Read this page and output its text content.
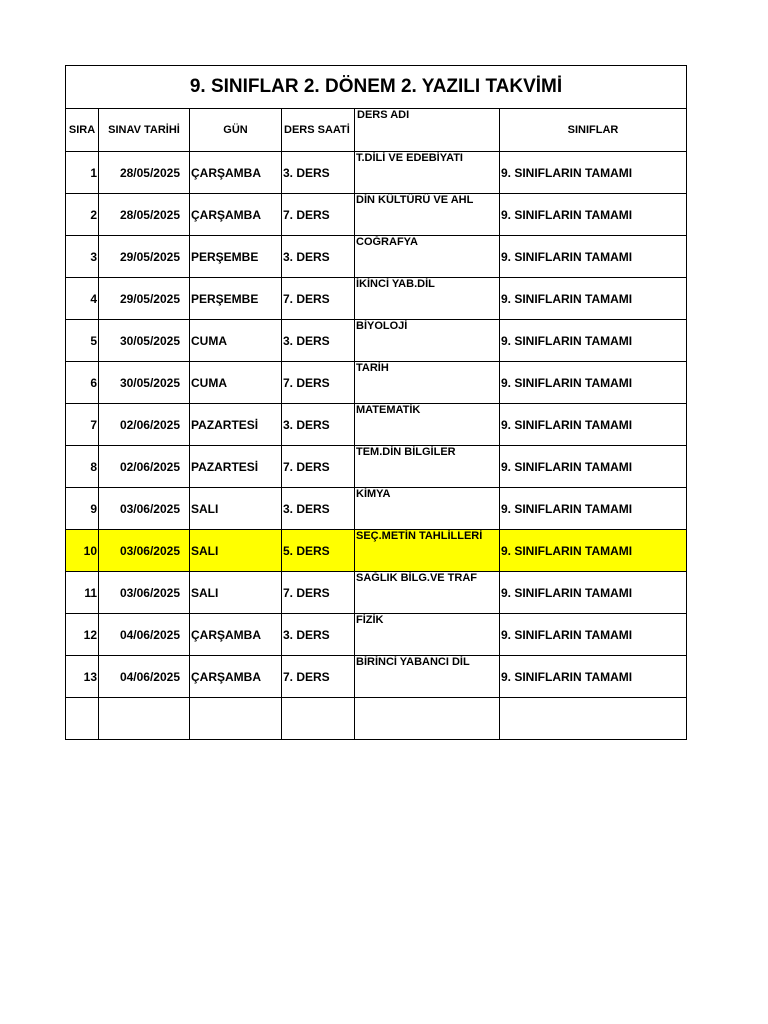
9. SINIFLAR 2. DÖNEM 2. YAZILI TAKVİMİ					
SIRA	SINAV TARİHİ	GÜN	DERS SAATİ	DERS ADI	SINIFLAR
1	28/05/2025	ÇARŞAMBA	3. DERS	T.DİLİ VE EDEBİYATI	9. SINIFLARIN TAMAMI
2	28/05/2025	ÇARŞAMBA	7. DERS	DİN KÜLTÜRÜ VE AHL	9. SINIFLARIN TAMAMI
3	29/05/2025	PERŞEMBE	3. DERS	COĞRAFYA	9. SINIFLARIN TAMAMI
4	29/05/2025	PERŞEMBE	7. DERS	İKİNCİ YAB.DİL	9. SINIFLARIN TAMAMI
5	30/05/2025	CUMA	3. DERS	BİYOLOJİ	9. SINIFLARIN TAMAMI
6	30/05/2025	CUMA	7. DERS	TARİH	9. SINIFLARIN TAMAMI
7	02/06/2025	PAZARTESİ	3. DERS	MATEMATİK	9. SINIFLARIN TAMAMI
8	02/06/2025	PAZARTESİ	7. DERS	TEM.DİN BİLGİLER	9. SINIFLARIN TAMAMI
9	03/06/2025	SALI	3. DERS	KİMYA	9. SINIFLARIN TAMAMI
10	03/06/2025	SALI	5. DERS	SEÇ.METİN TAHLİLLERİ	9. SINIFLARIN TAMAMI
11	03/06/2025	SALI	7. DERS	SAĞLIK BİLG.VE TRAF	9. SINIFLARIN TAMAMI
12	04/06/2025	ÇARŞAMBA	3. DERS	FİZİK	9. SINIFLARIN TAMAMI
13	04/06/2025	ÇARŞAMBA	7. DERS	BİRİNCİ YABANCI DİL	9. SINIFLARIN TAMAMI
